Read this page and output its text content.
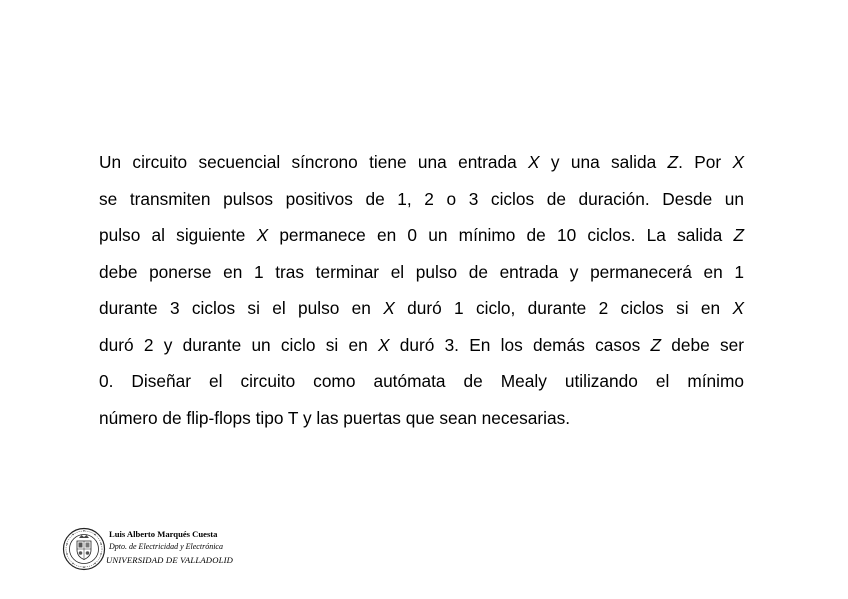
Un circuito secuencial síncrono tiene una entrada X y una salida Z. Por X
se transmiten pulsos positivos de 1, 2 o 3 ciclos de duración. Desde un
pulso al siguiente X permanece en 0 un mínimo de 10 ciclos. La salida Z
debe ponerse en 1 tras terminar el pulso de entrada y permanecerá en 1
durante 3 ciclos si el pulso en X duró 1 ciclo, durante 2 ciclos si en X
duró 2 y durante un ciclo si en X duró 3. En los demás casos Z debe ser
0. Diseñar el circuito como autómata de Mealy utilizando el mínimo
número de flip-flops tipo T y las puertas que sean necesarias.
Luis Alberto Marqués Cuesta
Dpto. de Electricidad y Electrónica
UNIVERSIDAD DE VALLADOLID
